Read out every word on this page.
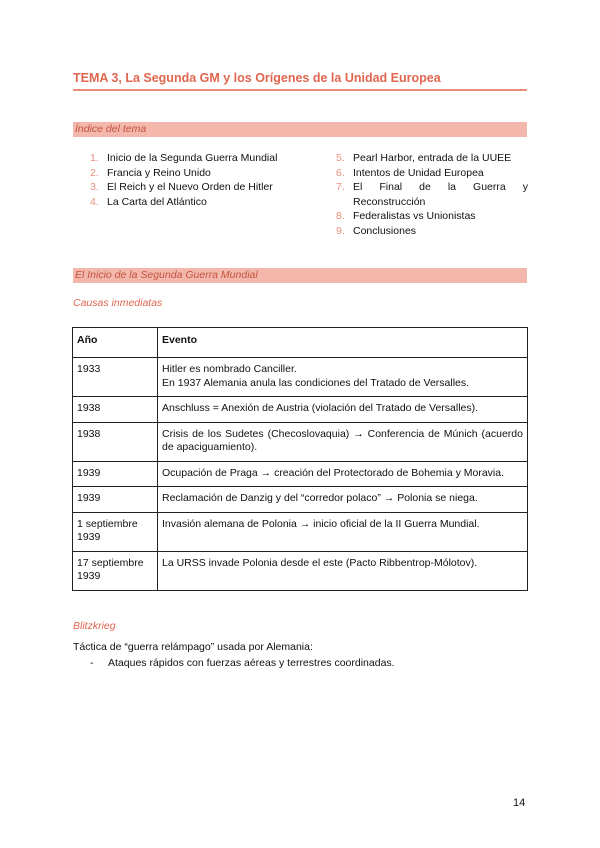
TEMA 3, La Segunda GM y los Orígenes de la Unidad Europea
Índice del tema
1. Inicio de la Segunda Guerra Mundial
2. Francia y Reino Unido
3. El Reich y el Nuevo Orden de Hitler
4. La Carta del Atlántico
5. Pearl Harbor, entrada de la UUEE
6. Intentos de Unidad Europea
7. El Final de la Guerra y Reconstrucción
8. Federalistas vs Unionistas
9. Conclusiones
El Inicio de la Segunda Guerra Mundial
Causas inmediatas
Año	Evento
1933	Hitler es nombrado Canciller.
En 1937 Alemania anula las condiciones del Tratado de Versalles.

1938	Anschluss = Anexión de Austria (violación del Tratado de Versalles).

1938	Crisis de los Sudetes (Checoslovaquia) → Conferencia de Múnich (acuerdo de apaciguamiento).

1939	Ocupación de Praga → creación del Protectorado de Bohemia y Moravia.

1939	Reclamación de Danzig y del “corredor polaco” → Polonia se niega.

1 septiembre 1939	Invasión alemana de Polonia → inicio oficial de la II Guerra Mundial.

17 septiembre 1939	La URSS invade Polonia desde el este (Pacto Ribbentrop-Mólotov).
Blitzkrieg
Táctica de “guerra relámpago” usada por Alemania:
-	Ataques rápidos con fuerzas aéreas y terrestres coordinadas.
14
